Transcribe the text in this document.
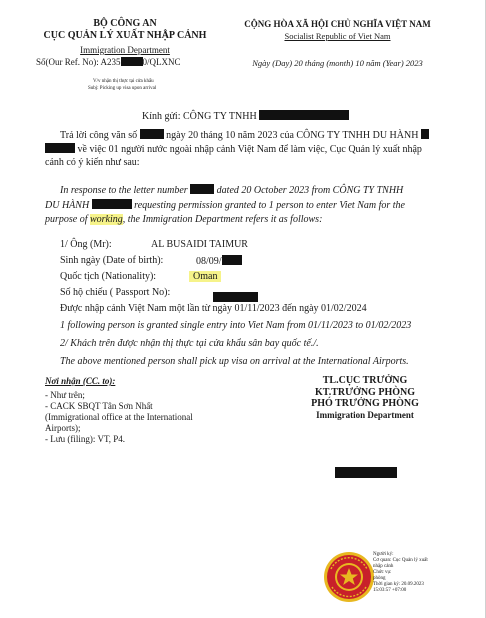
BỘ CÔNG AN
CỤC QUẢN LÝ XUẤT NHẬP CẢNH
Immigration Department
Số(Our Ref. No): A235 0/QLXNC
V/v nhận thị thực tại cửa khẩu
Subj: Picking up visa upon arrival
CỘNG HÒA XÃ HỘI CHỦ NGHĨA VIỆT NAM
Socialist Republic of Viet Nam
Ngày (Day) 20 tháng (month) 10 năm (Year) 2023
Kính gửi: CÔNG TY TNHH
Trả lời công văn số	ngày 20 tháng 10 năm 2023 của CÔNG TY TNHH DU HÀNH
về việc 01 người nước ngoài nhập cảnh Việt Nam để làm việc, Cục Quản lý xuất nhập
cảnh có ý kiến như sau:
In response to the letter number	dated 20 October 2023 from CÔNG TY TNHH
DU HÀNH	requesting permission granted to 1 person to enter Viet Nam for the
purpose of working, the Immigration Department refers it as follows:
1/ Ông (Mr):	AL BUSAIDI TAIMUR
Sinh ngày (Date of birth):	08/09/
Quốc tịch (Nationality):	Oman
Số hộ chiếu ( Passport No):
Được nhập cảnh Việt Nam một lần từ ngày 01/11/2023 đến ngày 01/02/2024
1 following person is granted single entry into Viet Nam from 01/11/2023 to 01/02/2023
2/ Khách trên được nhận thị thực tại cửa khẩu sân bay quốc tế./.
The above mentioned person shall pick up visa on arrival at the International Airports.
Nơi nhận (CC. to):
- Như trên;
- CACK SBQT Tân Sơn Nhất
(Immigrational office at the International
Airports);
- Lưu (filing): VT, P4.
TL.CỤC TRƯỞNG
KT.TRƯỞNG PHÒNG
PHÓ TRƯỞNG PHÒNG
Immigration Department
Người ký:
Cơ quan: Cục Quản lý xuất
nhập cảnh
Chức vụ:
phòng
Thời gian ký: 20.09.2023
15:03:57 +07:00
